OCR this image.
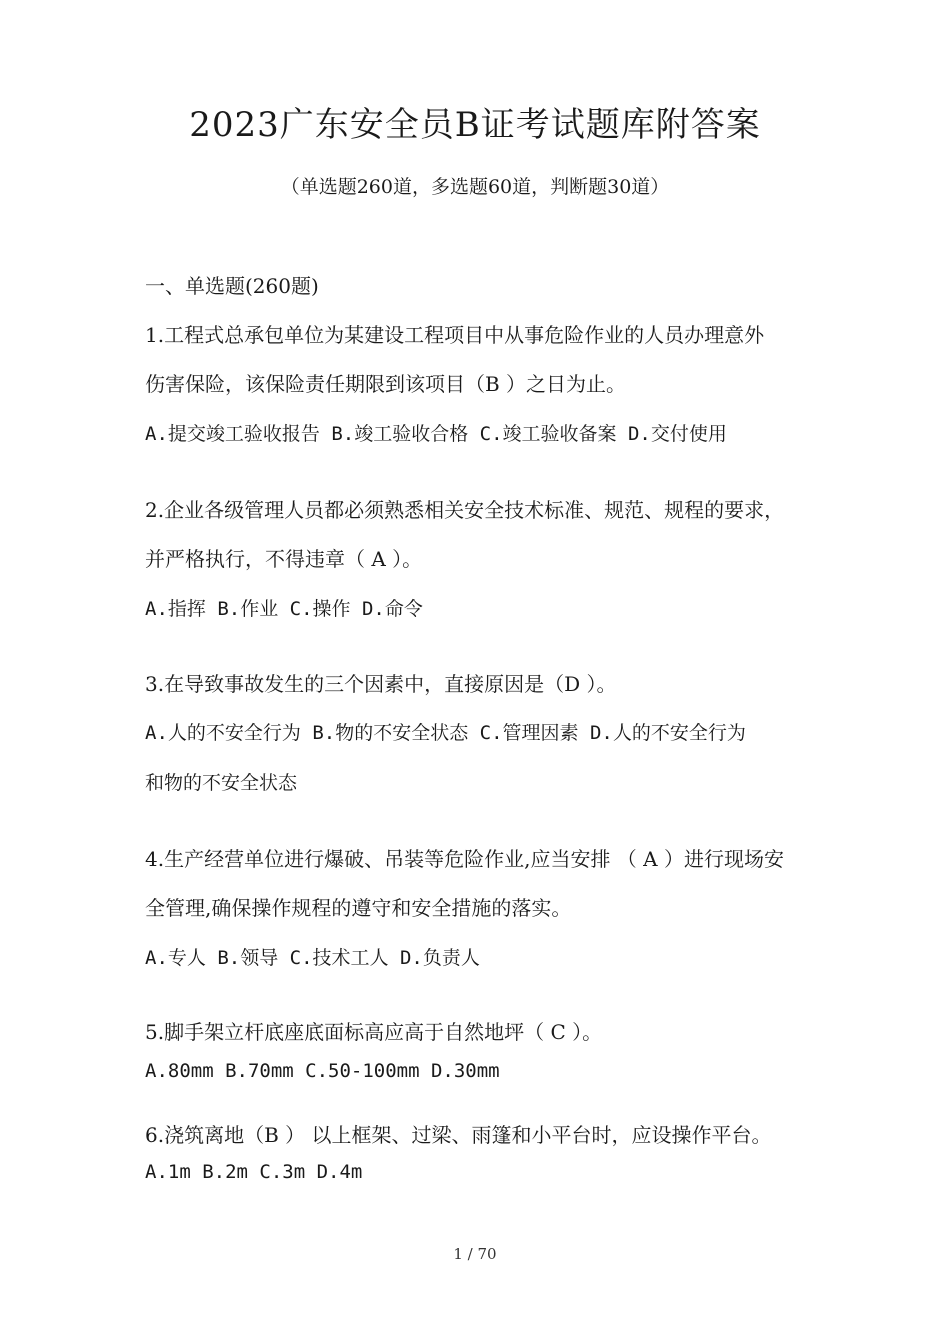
2023广东安全员B证考试题库附答案
（单选题260道，多选题60道，判断题30道）
一、单选题(260题)
1.工程式总承包单位为某建设工程项目中从事危险作业的人员办理意外
伤害保险，该保险责任期限到该项目（B ）之日为止。
A.提交竣工验收报告 B.竣工验收合格 C.竣工验收备案 D.交付使用
2.企业各级管理人员都必须熟悉相关安全技术标准、规范、规程的要求，
并严格执行，不得违章（ A ）。
A.指挥 B.作业 C.操作 D.命令
3.在导致事故发生的三个因素中，直接原因是（D ）。
A.人的不安全行为 B.物的不安全状态 C.管理因素 D.人的不安全行为
和物的不安全状态
4.生产经营单位进行爆破、吊装等危险作业,应当安排 （ A ）进行现场安
全管理,确保操作规程的遵守和安全措施的落实。
A.专人 B.领导 C.技术工人 D.负责人
5.脚手架立杆底座底面标高应高于自然地坪（ C ）。
A.80mm B.70mm C.50-100mm D.30mm
6.浇筑离地（B ） 以上框架、过梁、雨篷和小平台时，应设操作平台。
A.1m B.2m C.3m D.4m
1 / 70
